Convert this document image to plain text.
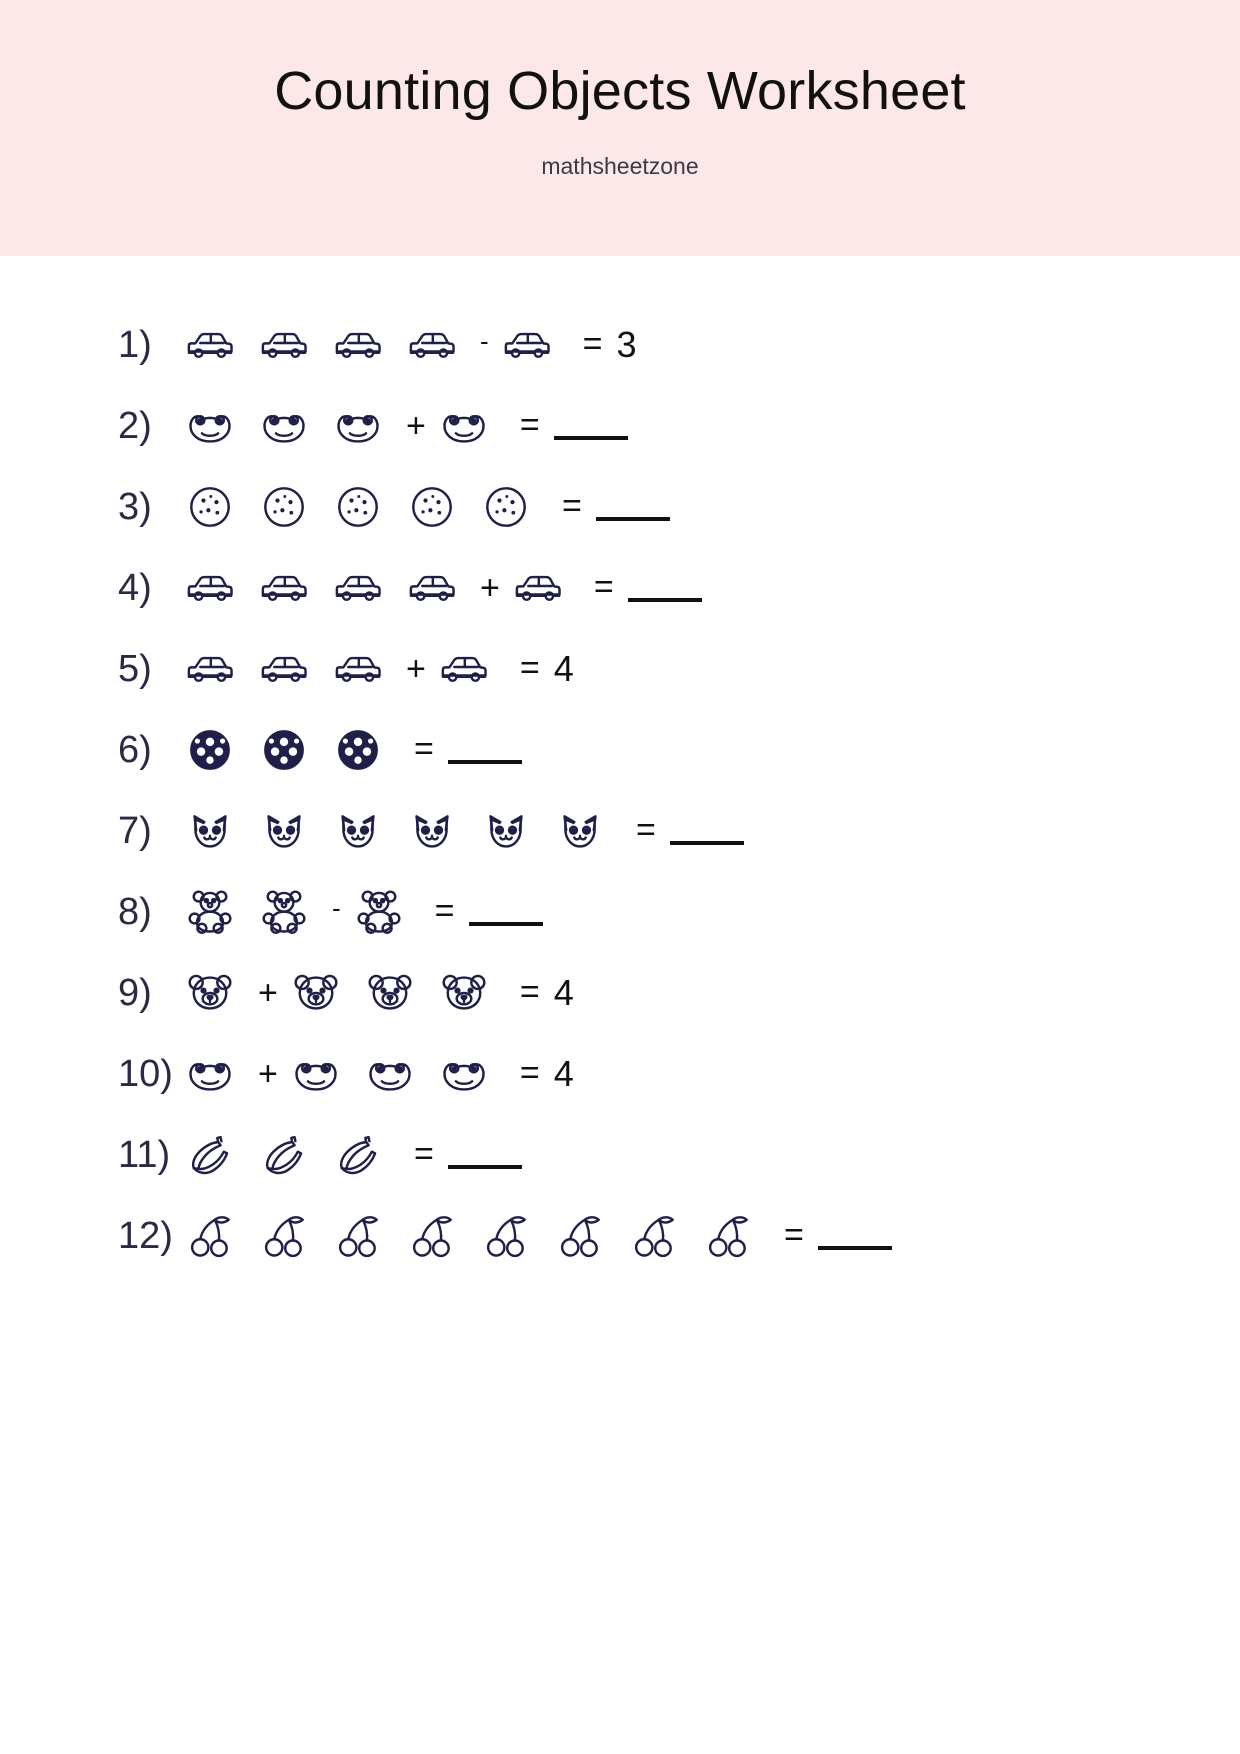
Counting Objects Worksheet
mathsheetzone
1)	-	= 3
2)	+	=
3)	=
4)	+	=
5)	+	= 4
6)	=
7)	=
8)	-	=
9)	+	= 4
10)	+	= 4
11)	=
12)	=
